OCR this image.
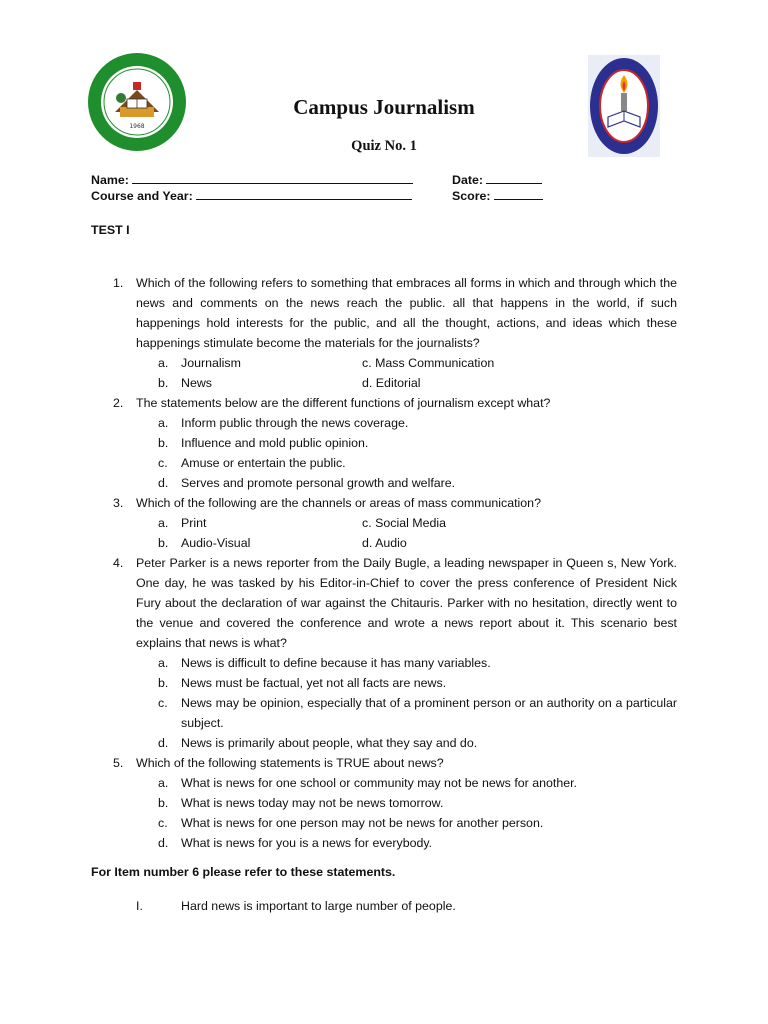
1968
Campus Journalism
Quiz No. 1
Name:	Date:
Course and Year:	Score:
TEST I
1. Which of the following refers to something that embraces all forms in which and through which the news and comments on the news reach the public. all that happens in the world, if such happenings hold interests for the public, and all the thought, actions, and ideas which these happenings stimulate become the materials for the journalists?
a. Journalism	c. Mass Communication
b. News	d. Editorial
2. The statements below are the different functions of journalism except what?
a. Inform public through the news coverage.
b. Influence and mold public opinion.
c. Amuse or entertain the public.
d. Serves and promote personal growth and welfare.
3. Which of the following are the channels or areas of mass communication?
a. Print	c. Social Media
b. Audio-Visual	d. Audio
4. Peter Parker is a news reporter from the Daily Bugle, a leading newspaper in Queen s, New York. One day, he was tasked by his Editor-in-Chief to cover the press conference of President Nick Fury about the declaration of war against the Chitauris. Parker with no hesitation, directly went to the venue and covered the conference and wrote a news report about it. This scenario best explains that news is what?
a. News is difficult to define because it has many variables.
b. News must be factual, yet not all facts are news.
c. News may be opinion, especially that of a prominent person or an authority on a particular subject.
d. News is primarily about people, what they say and do.
5. Which of the following statements is TRUE about news?
a. What is news for one school or community may not be news for another.
b. What is news today may not be news tomorrow.
c. What is news for one person may not be news for another person.
d. What is news for you is a news for everybody.
For Item number 6 please refer to these statements.
I.	Hard news is important to large number of people.
